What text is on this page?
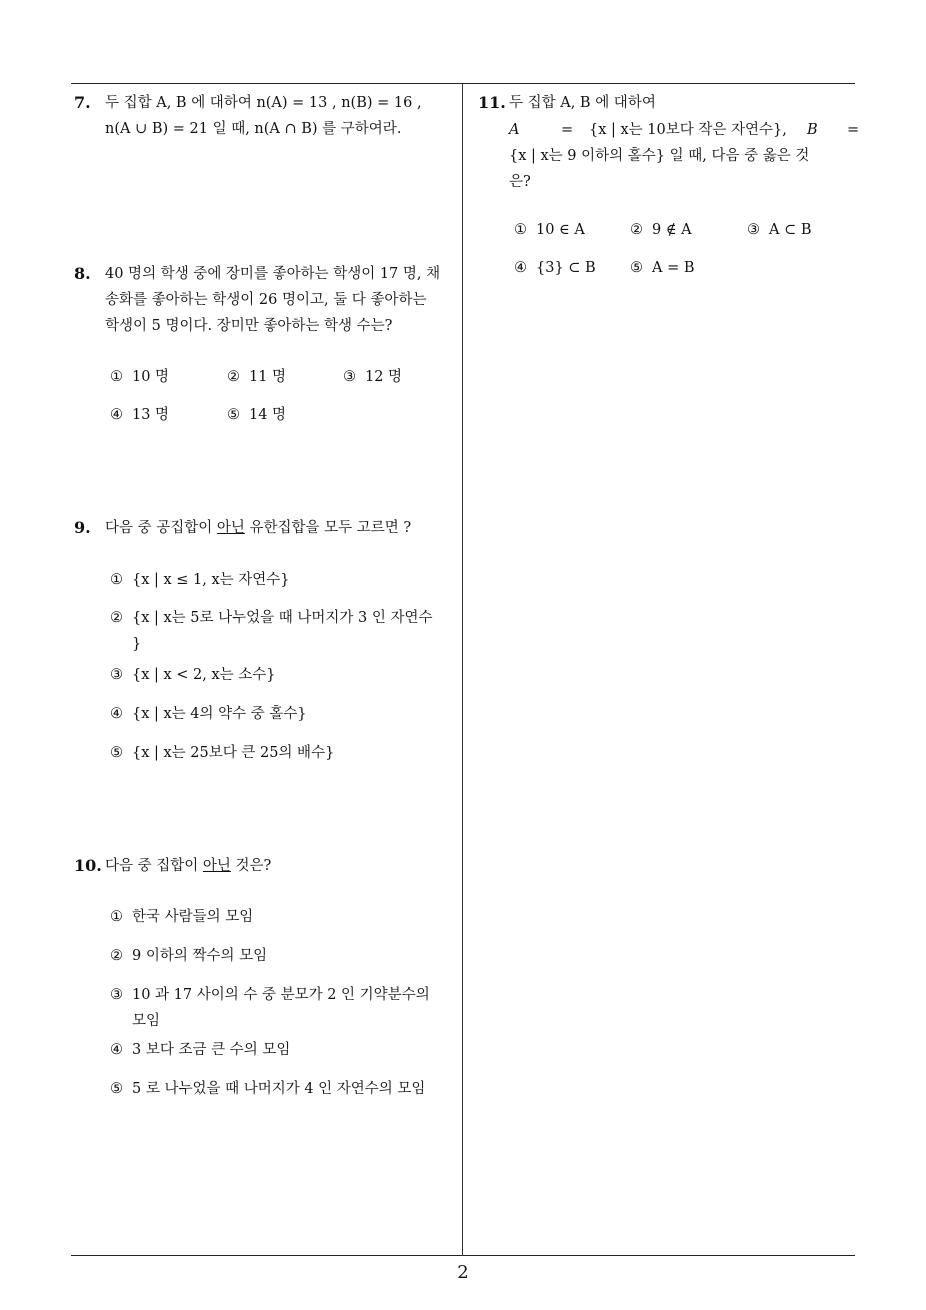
7. 두 집합 A, B 에 대하여 n(A) = 13 , n(B) = 16 ,
n(A ∪ B) = 21 일 때, n(A ∩ B) 를 구하여라.
8. 40 명의 학생 중에 장미를 좋아하는 학생이 17 명, 채
송화를 좋아하는 학생이 26 명이고, 둘 다 좋아하는
학생이 5 명이다. 장미만 좋아하는 학생 수는?
① 10 명	② 11 명	③ 12 명
④ 13 명	⑤ 14 명
9. 다음 중 공집합이 아닌 유한집합을 모두 고르면 ?
① {x | x ≤ 1, x는 자연수}
② {x | x는 5로 나누었을 때 나머지가 3 인 자연수
}
③ {x | x < 2, x는 소수}
④ {x | x는 4의 약수 중 홀수}
⑤ {x | x는 25보다 큰 25의 배수}
10. 다음 중 집합이 아닌 것은?
① 한국 사람들의 모임
② 9 이하의 짝수의 모임
③ 10 과 17 사이의 수 중 분모가 2 인 기약분수의
모임
④ 3 보다 조금 큰 수의 모임
⑤ 5 로 나누었을 때 나머지가 4 인 자연수의 모임
11. 두 집합 A, B 에 대하여
A	= {x | x는 10보다 작은 자연수}, B =
{x | x는 9 이하의 홀수} 일 때, 다음 중 옳은 것
은?
① 10 ∈ A	② 9 ∉ A	③ A ⊂ B
④ {3} ⊂ B ⑤ A = B
2
